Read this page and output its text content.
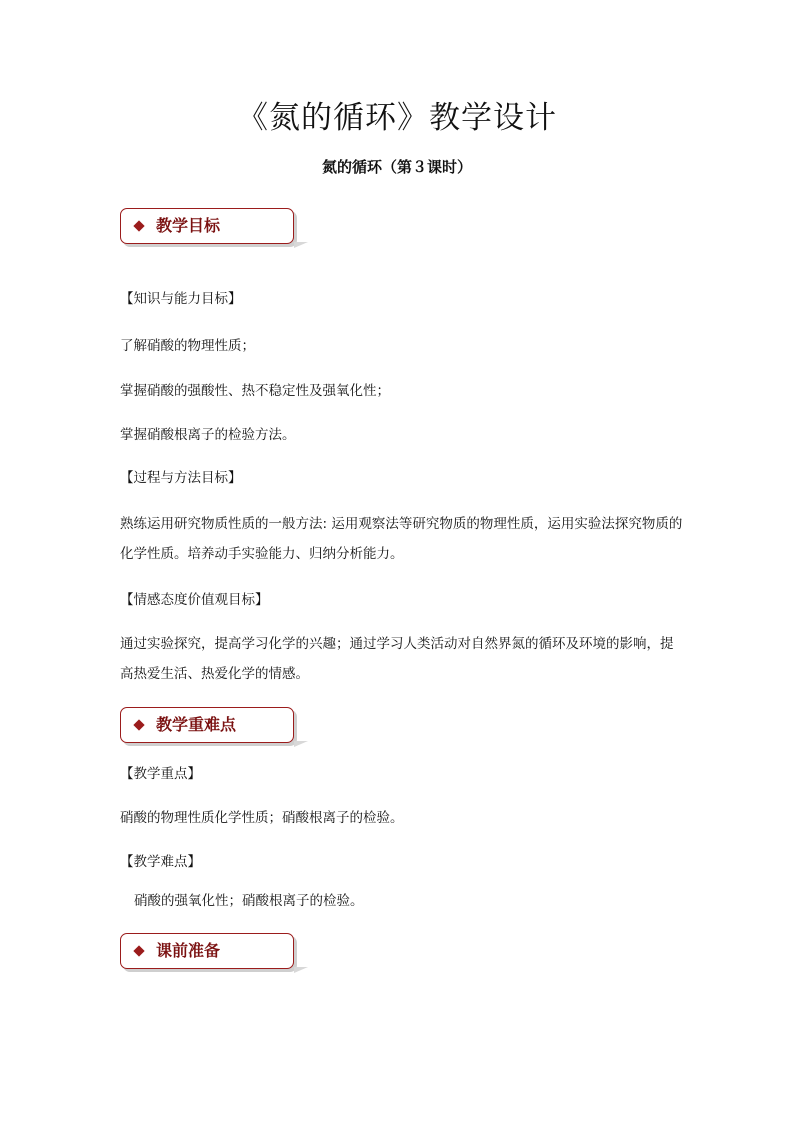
《氮的循环》教学设计
氮的循环（第３课时）
教学目标
【知识与能力目标】
了解硝酸的物理性质；
掌握硝酸的强酸性、热不稳定性及强氧化性；
掌握硝酸根离子的检验方法。
【过程与方法目标】
熟练运用研究物质性质的一般方法: 运用观察法等研究物质的物理性质，运用实验法探究物质的化学性质。培养动手实验能力、归纳分析能力。
【情感态度价值观目标】
通过实验探究，提高学习化学的兴趣；通过学习人类活动对自然界氮的循环及环境的影响，提高热爱生活、热爱化学的情感。
教学重难点
【教学重点】
硝酸的物理性质化学性质；硝酸根离子的检验。
【教学难点】
硝酸的强氧化性；硝酸根离子的检验。
课前准备
